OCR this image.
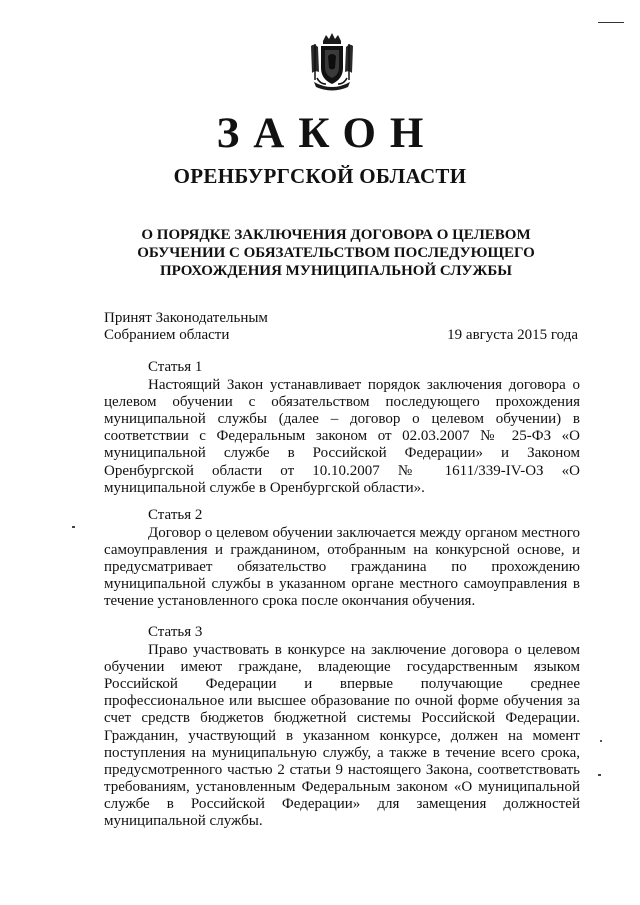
ЗАКОН
ОРЕНБУРГСКОЙ ОБЛАСТИ
О ПОРЯДКЕ ЗАКЛЮЧЕНИЯ ДОГОВОРА О ЦЕЛЕВОМ ОБУЧЕНИИ С ОБЯЗАТЕЛЬСТВОМ ПОСЛЕДУЮЩЕГО ПРОХОЖДЕНИЯ МУНИЦИПАЛЬНОЙ СЛУЖБЫ
Принят Законодательным
Собранием области	19 августа 2015 года
Статья 1

Настоящий Закон устанавливает порядок заключения договора о целевом обучении с обязательством последующего прохождения муниципальной службы (далее – договор о целевом обучении) в соответствии с Федеральным законом от 02.03.2007 № 25-ФЗ «О муниципальной службе в Российской Федерации» и Законом Оренбургской области от 10.10.2007 № 1611/339-IV-ОЗ «О муниципальной службе в Оренбургской области».

Статья 2

Договор о целевом обучении заключается между органом местного самоуправления и гражданином, отобранным на конкурсной основе, и предусматривает обязательство гражданина по прохождению муниципальной службы в указанном органе местного самоуправления в течение установленного срока после окончания обучения.

Статья 3

Право участвовать в конкурсе на заключение договора о целевом обучении имеют граждане, владеющие государственным языком Российской Федерации и впервые получающие среднее профессиональное или высшее образование по очной форме обучения за счет средств бюджетов бюджетной системы Российской Федерации. Гражданин, участвующий в указанном конкурсе, должен на момент поступления на муниципальную службу, а также в течение всего срока, предусмотренного частью 2 статьи 9 настоящего Закона, соответствовать требованиям, установленным Федеральным законом «О муниципальной службе в Российской Федерации» для замещения должностей муниципальной службы.
